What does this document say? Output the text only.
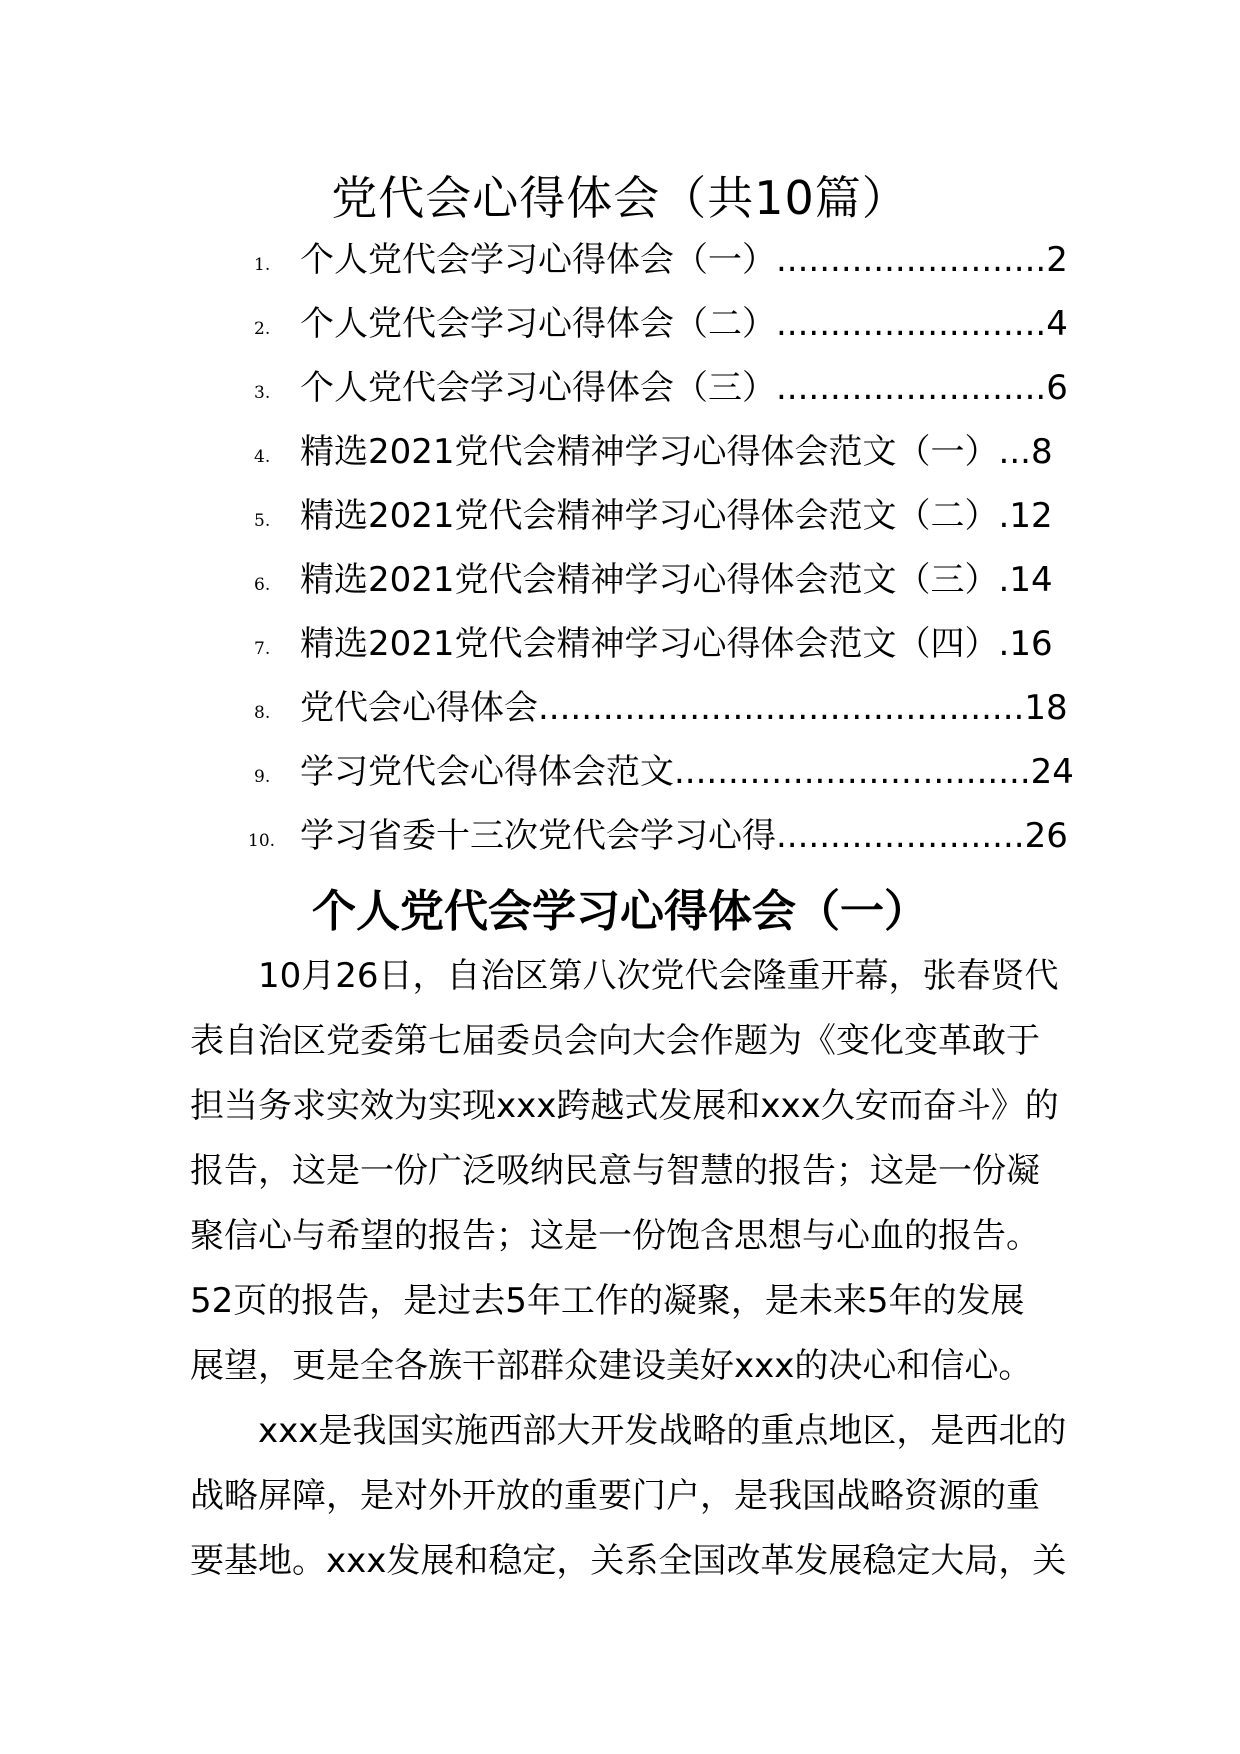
党代会心得体会（共10篇）
1. 个人党代会学习心得体会（一）.........................2
2. 个人党代会学习心得体会（二）.........................4
3. 个人党代会学习心得体会（三）.........................6
4. 精选2021党代会精神学习心得体会范文（一）...8
5. 精选2021党代会精神学习心得体会范文（二）.12
6. 精选2021党代会精神学习心得体会范文（三）.14
7. 精选2021党代会精神学习心得体会范文（四）.16
8. 党代会心得体会.............................................18
9. 学习党代会心得体会范文.................................24
10. 学习省委十三次党代会学习心得.......................26
个人党代会学习心得体会（一）

10月26日，自治区第八次党代会隆重开幕，张春贤代
表自治区党委第七届委员会向大会作题为《变化变革敢于
担当务求实效为实现xxx跨越式发展和xxx久安而奋斗》的
报告，这是一份广泛吸纳民意与智慧的报告；这是一份凝
聚信心与希望的报告；这是一份饱含思想与心血的报告。
52页的报告，是过去5年工作的凝聚，是未来5年的发展
展望，更是全各族干部群众建设美好xxx的决心和信心。

xxx是我国实施西部大开发战略的重点地区，是西北的
战略屏障，是对外开放的重要门户，是我国战略资源的重
要基地。xxx发展和稳定，关系全国改革发展稳定大局，关
